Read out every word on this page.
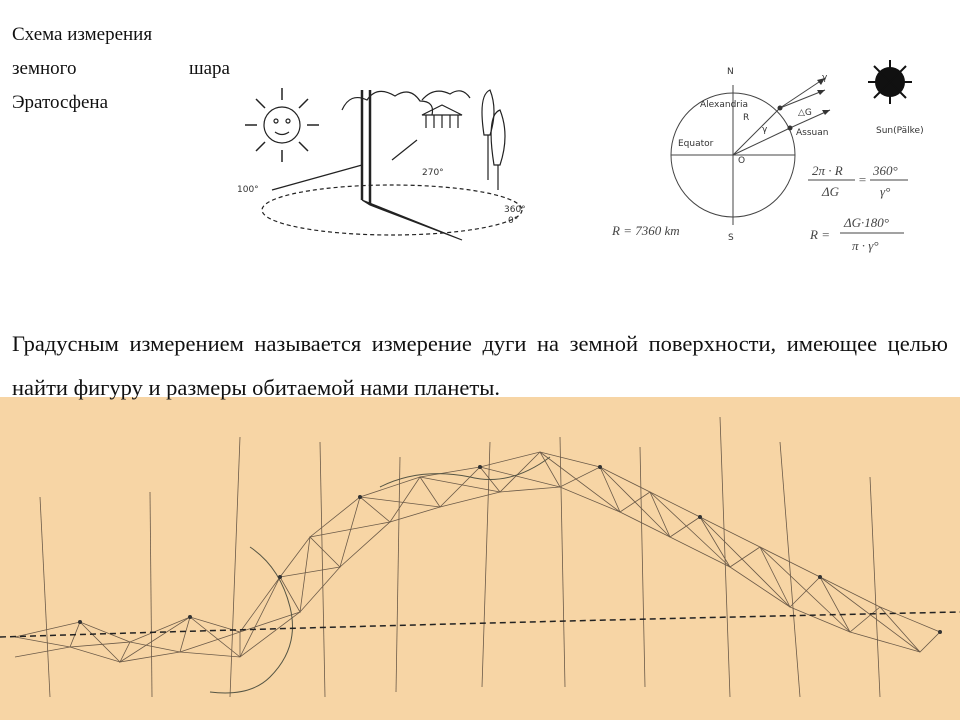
Схема измерения
земного шара
Эратосфена
100°
270°
360°
0°
N
S
Alexandria
R
Equator
O
Assuan
△G
γ
γ	Sun(Pälke)
2π · R
ΔG
=
360°
γ°
R =
ΔG·180°
π · γ°
R = 7360 km
Градусным измерением называется измерение дуги на земной поверхности, имеющее целью найти фигуру и размеры обитаемой нами планеты.
